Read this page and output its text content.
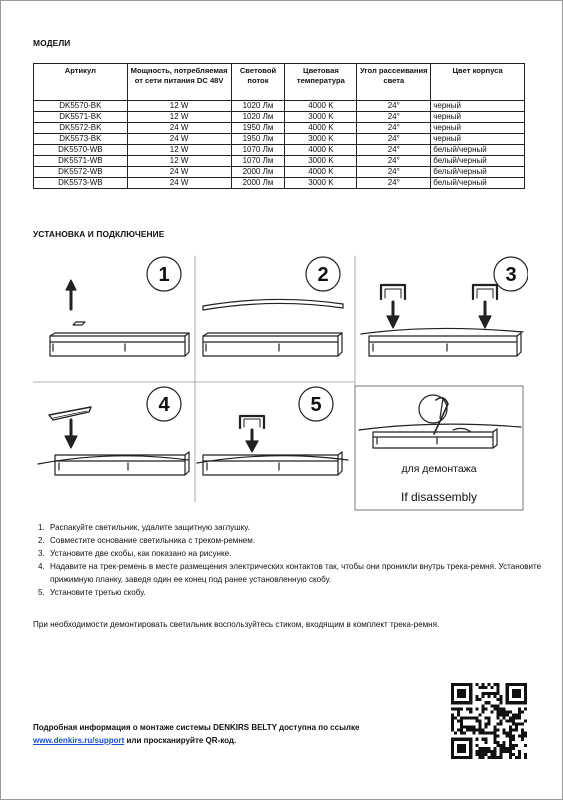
МОДЕЛИ
Артикул	Мощность, потребляемая от сети питания DC 48V	Световой поток	Цветовая температура	Угол рассеивания света	Цвет корпуса
DK5570-BK	12 W	1020 Лм	4000 K	24°	черный
DK5571-BK	12 W	1020 Лм	3000 K	24°	черный
DK5572-BK	24 W	1950 Лм	4000 K	24°	черный
DK5573-BK	24 W	1950 Лм	3000 K	24°	черный
DK5570-WB	12 W	1070 Лм	4000 K	24°	белый/черный
DK5571-WB	12 W	1070 Лм	3000 K	24°	белый/черный
DK5572-WB	24 W	2000 Лм	4000 K	24°	белый/черный
DK5573-WB	24 W	2000 Лм	3000 K	24°	белый/черный
УСТАНОВКА И ПОДКЛЮЧЕНИЕ
1	2	3
4	5
для демонтажа
If disassembly
1. Распакуйте светильник, удалите защитную заглушку.
2. Совместите основание светильника с треком-ремнем.
3. Установите две скобы, как показано на рисунке.
4. Надавите на трек-ремень в месте размещения электрических контактов так, чтобы они проникли внутрь трека-ремня. Установите прижимную планку, заведя один ее конец под ранее установленную скобу.
5. Установите третью скобу.
При необходимости демонтировать светильник воспользуйтесь стиком, входящим в комплект трека-ремня.
Подробная информация о монтаже системы DENKIRS BELTY доступна по ссылке
www.denkirs.ru/support или просканируйте QR-код.
